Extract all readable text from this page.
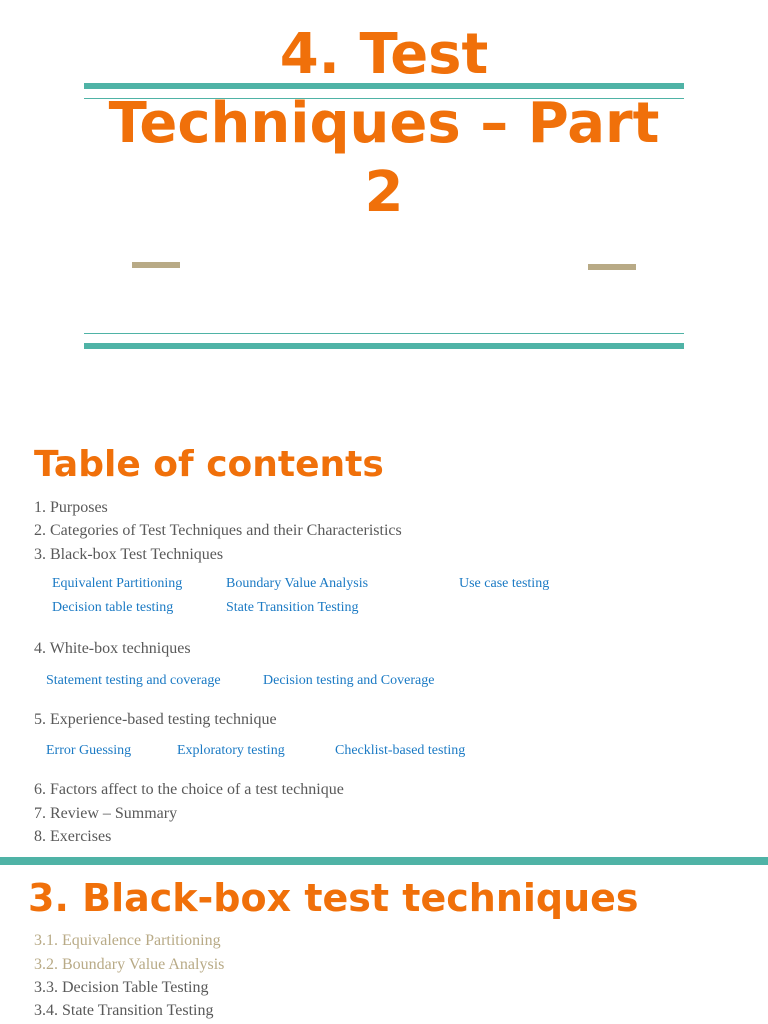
4. Test
Techniques – Part
2
Table of contents
1. Purposes
2. Categories of Test Techniques and their Characteristics
3. Black-box Test Techniques
Equivalent Partitioning	Boundary Value Analysis	Use case testing
Decision table testing	State Transition Testing
4. White-box techniques
Statement testing and coverage	Decision testing and Coverage
5. Experience-based testing technique
Error Guessing	Exploratory testing	Checklist-based testing
6. Factors affect to the choice of a test technique
7. Review – Summary
8. Exercises
3. Black-box test techniques
3.1. Equivalence Partitioning
3.2. Boundary Value Analysis
3.3. Decision Table Testing
3.4. State Transition Testing
